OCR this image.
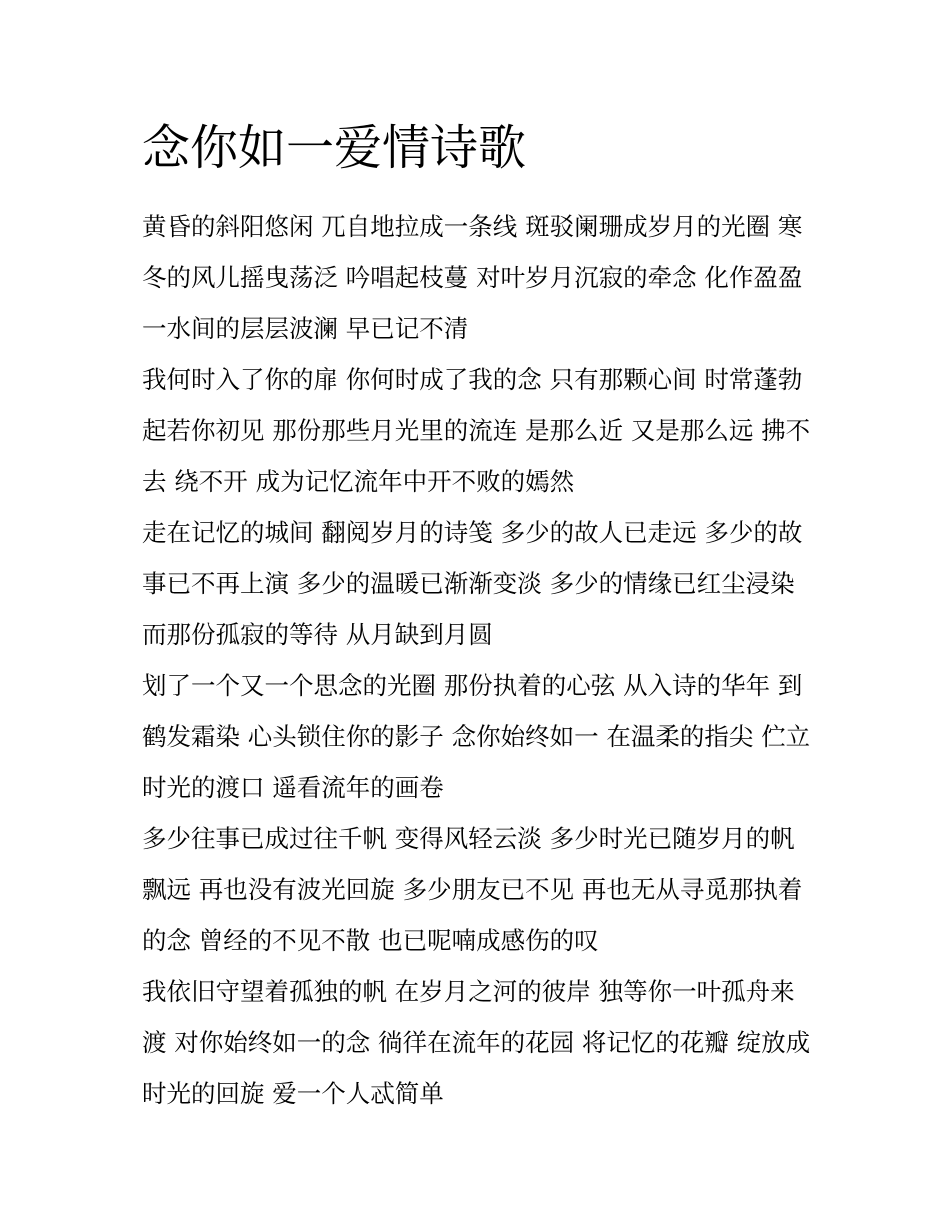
念你如一爱情诗歌

黄昏的斜阳悠闲 兀自地拉成一条线 斑驳阑珊成岁月的光圈 寒冬的风儿摇曳荡泛 吟唱起枝蔓 对叶岁月沉寂的牵念 化作盈盈一水间的层层波澜 早已记不清

我何时入了你的扉 你何时成了我的念 只有那颗心间 时常蓬勃起若你初见 那份那些月光里的流连 是那么近 又是那么远 拂不去 绕不开 成为记忆流年中开不败的嫣然

走在记忆的城间 翻阅岁月的诗笺 多少的故人已走远 多少的故事已不再上演 多少的温暖已渐渐变淡 多少的情缘已红尘浸染 而那份孤寂的等待 从月缺到月圆

划了一个又一个思念的光圈 那份执着的心弦 从入诗的华年 到鹤发霜染 心头锁住你的影子 念你始终如一 在温柔的指尖 伫立时光的渡口 遥看流年的画卷

多少往事已成过往千帆 变得风轻云淡 多少时光已随岁月的帆飘远 再也没有波光回旋 多少朋友已不见 再也无从寻觅那执着的念 曾经的不见不散 也已呢喃成感伤的叹

我依旧守望着孤独的帆 在岁月之河的彼岸 独等你一叶孤舟来渡 对你始终如一的念 徜徉在流年的花园 将记忆的花瓣 绽放成时光的回旋 爱一个人忒简单
